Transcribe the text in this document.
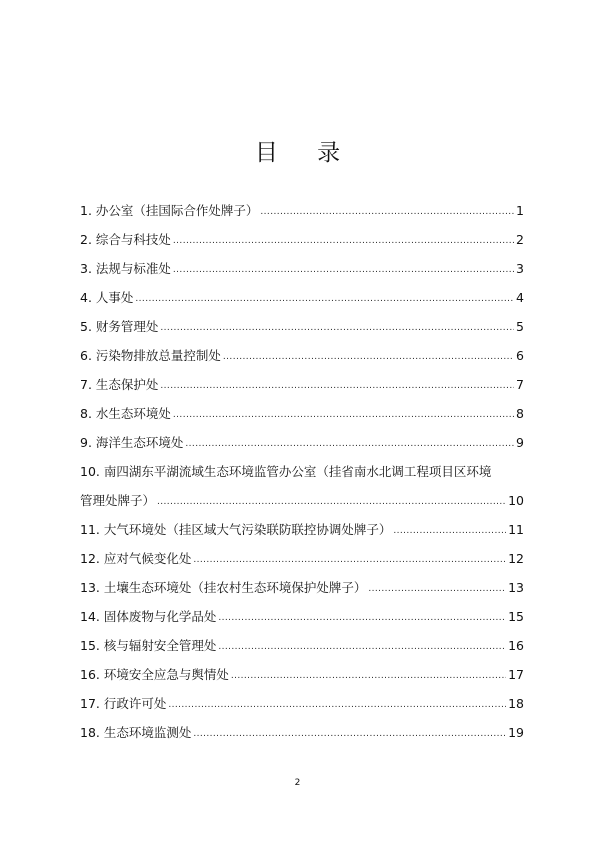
目 录
1. 办公室（挂国际合作处牌子） .....	1
2. 综合与科技处 .....	2
3. 法规与标准处 .....	3
4. 人事处 .....	4
5. 财务管理处 .....	5
6. 污染物排放总量控制处 .....	6
7. 生态保护处 .....	7
8. 水生态环境处 .....	8
9. 海洋生态环境处 .....	9
10. 南四湖东平湖流域生态环境监管办公室（挂省南水北调工程项目区环境
管理处牌子） .....	10
11. 大气环境处（挂区域大气污染联防联控协调处牌子） .....	11
12. 应对气候变化处 .....	12
13. 土壤生态环境处（挂农村生态环境保护处牌子） .....	13
14. 固体废物与化学品处 .....	15
15. 核与辐射安全管理处 .....	16
16. 环境安全应急与舆情处 .....	17
17. 行政许可处 .....	18
18. 生态环境监测处 .....	19
2
